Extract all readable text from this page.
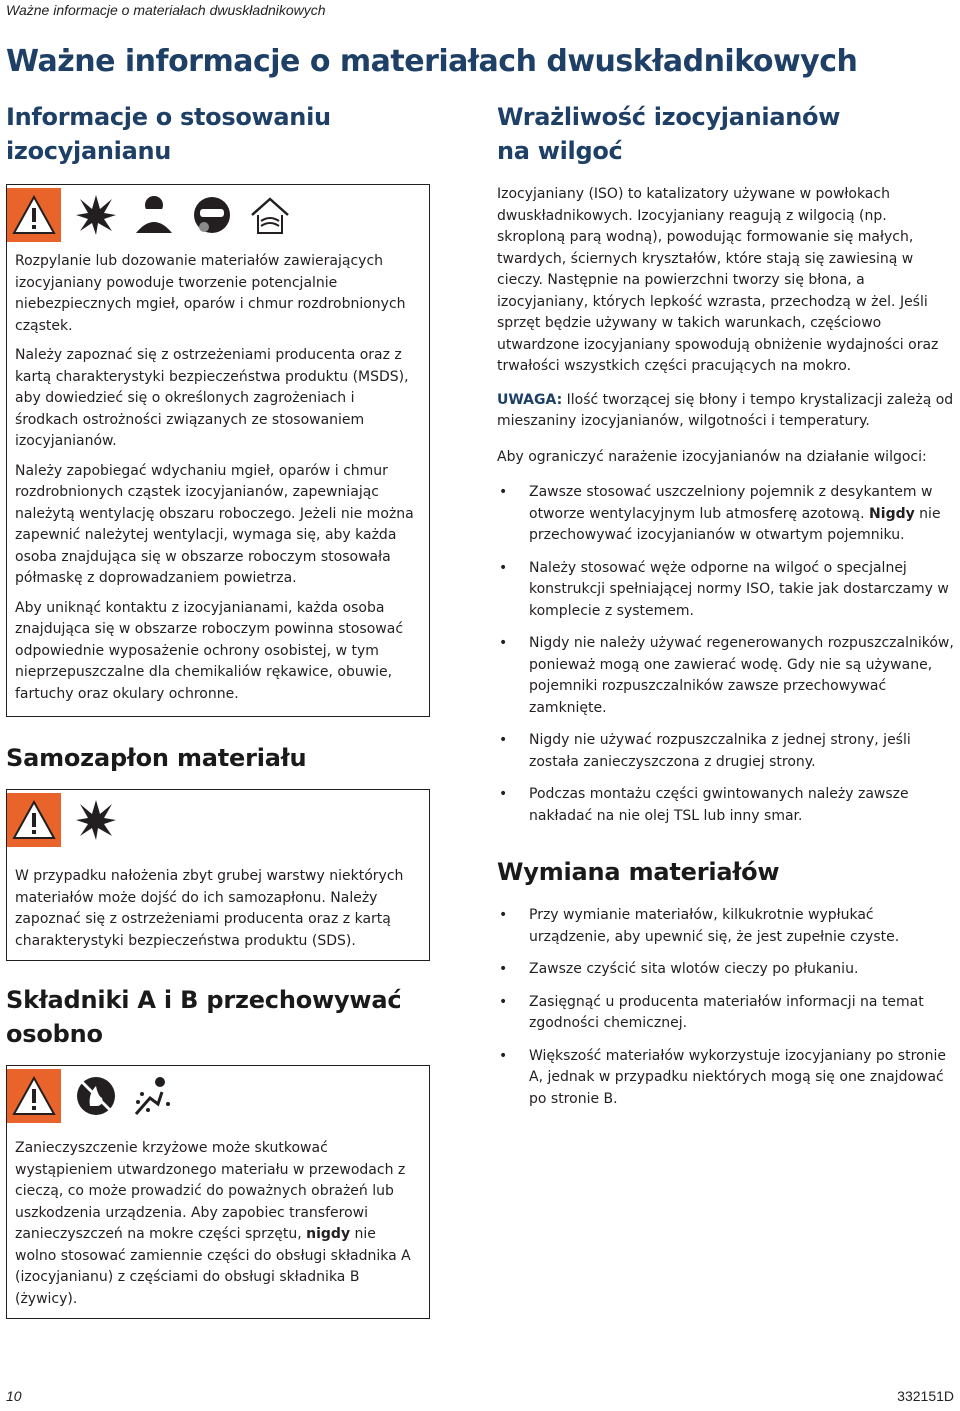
Ważne informacje o materiałach dwuskładnikowych
Ważne informacje o materiałach dwuskładnikowych
Informacje o stosowaniu
izocyjanianu

Rozpylanie lub dozowanie materiałów zawierających izocyjaniany powoduje tworzenie potencjalnie niebezpiecznych mgieł, oparów i chmur rozdrobnionych cząstek.

Należy zapoznać się z ostrzeżeniami producenta oraz z kartą charakterystyki bezpieczeństwa produktu (MSDS), aby dowiedzieć się o określonych zagrożeniach i środkach ostrożności związanych ze stosowaniem izocyjanianów.

Należy zapobiegać wdychaniu mgieł, oparów i chmur rozdrobnionych cząstek izocyjanianów, zapewniając należytą wentylację obszaru roboczego. Jeżeli nie można zapewnić należytej wentylacji, wymaga się, aby każda osoba znajdująca się w obszarze roboczym stosowała półmaskę z doprowadzaniem powietrza.

Aby uniknąć kontaktu z izocyjanianami, każda osoba znajdująca się w obszarze roboczym powinna stosować odpowiednie wyposażenie ochrony osobistej, w tym nieprzepuszczalne dla chemikaliów rękawice, obuwie, fartuchy oraz okulary ochronne.

Samozapłon materiału

W przypadku nałożenia zbyt grubej warstwy niektórych materiałów może dojść do ich samozapłonu. Należy zapoznać się z ostrzeżeniami producenta oraz z kartą charakterystyki bezpieczeństwa produktu (SDS).

Składniki A i B przechowywać
osobno

Zanieczyszczenie krzyżowe może skutkować wystąpieniem utwardzonego materiału w przewodach z cieczą, co może prowadzić do poważnych obrażeń lub uszkodzenia urządzenia. Aby zapobiec transferowi zanieczyszczeń na mokre części sprzętu, nigdy nie wolno stosować zamiennie części do obsługi składnika A (izocyjanianu) z częściami do obsługi składnika B (żywicy).

Wrażliwość izocyjanianów
na wilgoć

Izocyjaniany (ISO) to katalizatory używane w powłokach dwuskładnikowych. Izocyjaniany reagują z wilgocią (np. skroploną parą wodną), powodując formowanie się małych, twardych, ściernych kryształów, które stają się zawiesiną w cieczy. Następnie na powierzchni tworzy się błona, a izocyjaniany, których lepkość wzrasta, przechodzą w żel. Jeśli sprzęt będzie używany w takich warunkach, częściowo utwardzone izocyjaniany spowodują obniżenie wydajności oraz trwałości wszystkich części pracujących na mokro.

UWAGA: Ilość tworzącej się błony i tempo krystalizacji zależą od mieszaniny izocyjanianów, wilgotności i temperatury.

Aby ograniczyć narażenie izocyjanianów na działanie wilgoci:

• Zawsze stosować uszczelniony pojemnik z desykantem w otworze wentylacyjnym lub atmosferę azotową. Nigdy nie przechowywać izocyjanianów w otwartym pojemniku.
• Należy stosować węże odporne na wilgoć o specjalnej konstrukcji spełniającej normy ISO, takie jak dostarczamy w komplecie z systemem.
• Nigdy nie należy używać regenerowanych rozpuszczalników, ponieważ mogą one zawierać wodę. Gdy nie są używane, pojemniki rozpuszczalników zawsze przechowywać zamknięte.
• Nigdy nie używać rozpuszczalnika z jednej strony, jeśli została zanieczyszczona z drugiej strony.
• Podczas montażu części gwintowanych należy zawsze nakładać na nie olej TSL lub inny smar.
Wymiana materiałów
• Przy wymianie materiałów, kilkukrotnie wypłukać urządzenie, aby upewnić się, że jest zupełnie czyste.
• Zawsze czyścić sita wlotów cieczy po płukaniu.
• Zasięgnąć u producenta materiałów informacji na temat zgodności chemicznej.
• Większość materiałów wykorzystuje izocyjaniany po stronie A, jednak w przypadku niektórych mogą się one znajdować po stronie B.
10	332151D
